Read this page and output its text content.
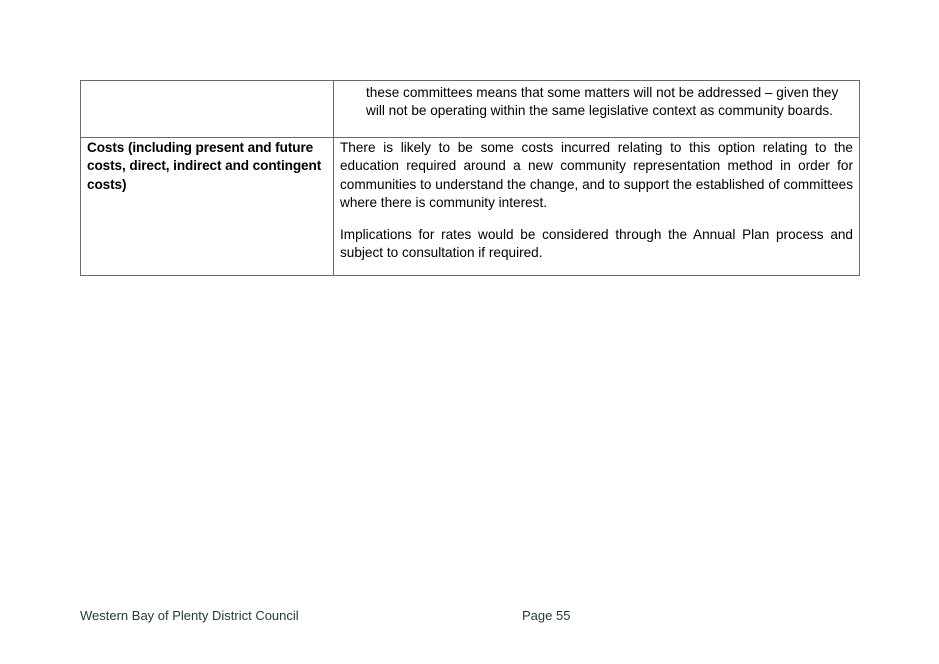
	these committees means that some matters will not be addressed – given they will not be operating within the same legislative context as community boards.

Costs (including present and future costs, direct, indirect and contingent costs)	There is likely to be some costs incurred relating to this option relating to the education required around a new community representation method in order for communities to understand the change, and to support the established of committees where there is community interest.

Implications for rates would be considered through the Annual Plan process and subject to consultation if required.

Western Bay of Plenty District Council	Page 55
